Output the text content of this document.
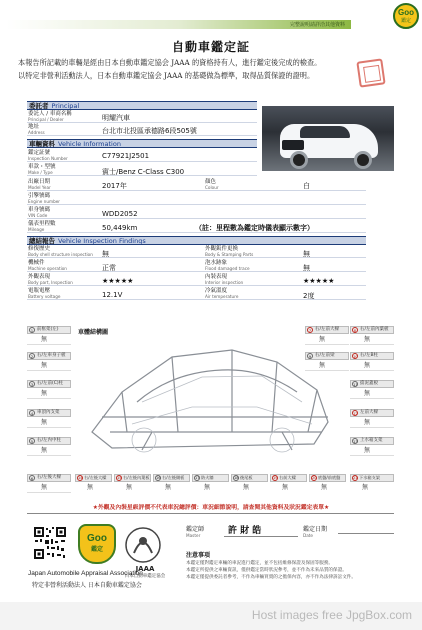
完整說明請詳洽其他資料
Goo
鑑定
自動車鑑定証
本報告所記載的車輛是經由日本自動車鑑定協会 JAAA 的資格持有人，進行鑑定後完成的檢查。
以特定非營利活動法人，日本自動車鑑定協会 JAAA 的基礎做為標準，取得品質保證的證明。
委託者 Principal
委託人 / 車商名稱
Principal / Dealer	明耀汽車
地址
Address	台北市北投區承德路6段505號
車輛資料 Vehicle Information
鑑定証號
Inspection Number	C77921J2501
車款・型號
Make / Type	賓士/Benz C-Class C300
出廠日期
Model Year	2017年	顏色
Colour	白
引擎號碼
Engine number
車身號碼
VIN Code	WDD2052
儀表里程數
Mileage	50,449km	（註：里程數為鑑定時儀表顯示數字）
總結報告 Vehicle Inspection Findings
修復歷史
Body shell structure inspection 無
外觀鈑件更換
Body & Stamping Parts	無
機械件
Machine operation	正常
泡水跡象
Flood damaged trace	無
外觀表現
Body part, Inspection	★★★★★	內裝表現
Interior inspection	★★★★★
電瓶電壓
Battery voltage	12.1V	冷氣溫度
Air temperature	2度
車體結構圖
1 前框架(左)
無
2 右/左車身子板
無
3 右/左前(C)柱
無
4 車頂內支架
無
5 右/左內中柱
無
6 右/左後大樑
無
8 右/左前內葉板
無
7 右/左前大樑
無
9 右/左前梁
無
10 右/左B柱
無
11 擋泥蓋板
無
12 左前大樑
無
13 上水箱支架
無
14 右/左後大樑
無
15 右/左後內葉板
無
16 右/左後側板
無
17 防火牆
無
18 後尾板
無
19 右前大樑
無
20 底盤/前底盤
無
21 下水箱支架
無
★外觀及內裝星級評價不代表車況總評價：車況細節說明，請查閱其他資料及狀況鑑定表單★
Goo
鑑定
JAAA
日本自動車鑑定協会
Japan Automobile Appraisal Association
特定非營利活動法人 日本自動車鑑定協会
鑑定師
Master	許 財 皓	鑑定日期
Date
注意事項
本鑑定僅對鑑定車輛的車況進行鑑定，並不包括維修保證及保固等服務。
本鑑定所提供之車輛資訊，僅供鑑定當時狀況參考，並不作為未來品質的保證。
本鑑定僅提供委託者參考，不作為車輛買賣的之擔保內容，亦不作為法律訴訟文件。
Host images free JpgBox.com
